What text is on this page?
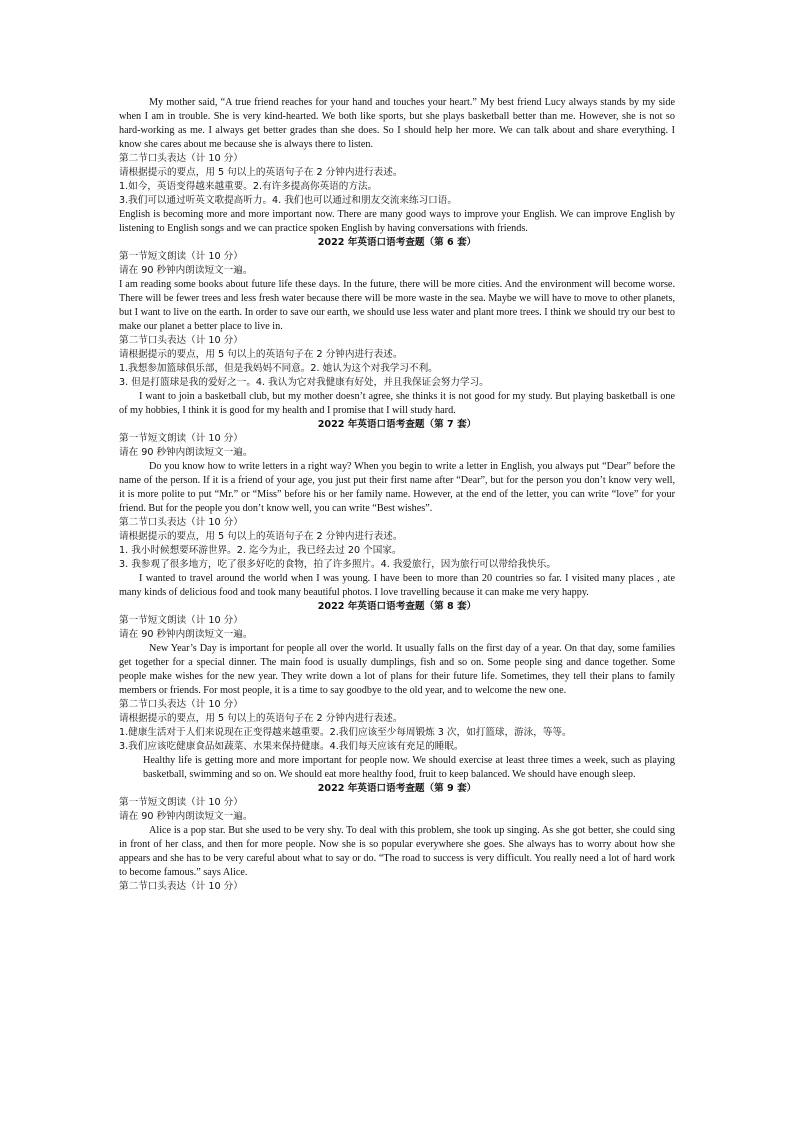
My mother said, “A true friend reaches for your hand and touches your heart.” My best friend Lucy always stands by my side when I am in trouble. She is very kind-hearted. We both like sports, but she plays basketball better than me. However, she is not so hard-working as me. I always get better grades than she does. So I should help her more. We can talk about and share everything. I know she cares about me because she is always there to listen.

第二节口头表达（计 10 分）

请根据提示的要点，用 5 句以上的英语句子在 2 分钟内进行表述。

1.如今，英语变得越来越重要。2.有许多提高你英语的方法。

3.我们可以通过听英文歌提高听力。4. 我们也可以通过和朋友交流来练习口语。

English is becoming more and more important now. There are many good ways to improve your English. We can improve English by listening to English songs and we can practice spoken English by having conversations with friends.

2022 年英语口语考查题（第 6 套）

第一节短文朗读（计 10 分）

请在 90 秒钟内朗读短文一遍。

I am reading some books about future life these days. In the future, there will be more cities. And the environment will become worse. There will be fewer trees and less fresh water because there will be more waste in the sea. Maybe we will have to move to other planets, but I want to live on the earth. In order to save our earth, we should use less water and plant more trees. I think we should try our best to make our planet a better place to live in.

第二节口头表达（计 10 分）

请根据提示的要点，用 5 句以上的英语句子在 2 分钟内进行表述。

1.我想参加篮球俱乐部，但是我妈妈不同意。2. 她认为这个对我学习不利。

3. 但是打篮球是我的爱好之一。4. 我认为它对我健康有好处，并且我保证会努力学习。

I want to join a basketball club, but my mother doesn’t agree, she thinks it is not good for my study. But playing basketball is one of my hobbies, I think it is good for my health and I promise that I will study hard.

2022 年英语口语考查题（第 7 套）

第一节短文朗读（计 10 分）

请在 90 秒钟内朗读短文一遍。

Do you know how to write letters in a right way? When you begin to write a letter in English, you always put “Dear” before the name of the person. If it is a friend of your age, you just put their first name after “Dear”, but for the person you don’t know very well, it is more polite to put “Mr.” or “Miss” before his or her family name. However, at the end of the letter, you can write “love” for your friend. But for the people you don’t know well, you can write “Best wishes”.

第二节口头表达（计 10 分）

请根据提示的要点，用 5 句以上的英语句子在 2 分钟内进行表述。

1. 我小时候想要环游世界。2. 迄今为止，我已经去过 20 个国家。

3. 我参观了很多地方，吃了很多好吃的食物，拍了许多照片。4. 我爱旅行，因为旅行可以带给我快乐。

I wanted to travel around the world when I was young. I have been to more than 20 countries so far. I visited many places , ate many kinds of delicious food and took many beautiful photos. I love travelling because it can make me very happy.

2022 年英语口语考查题（第 8 套）

第一节短文朗读（计 10 分）

请在 90 秒钟内朗读短文一遍。

New Year’s Day is important for people all over the world. It usually falls on the first day of a year. On that day, some families get together for a special dinner. The main food is usually dumplings, fish and so on. Some people sing and dance together. Some people make wishes for the new year. They write down a lot of plans for their future life. Sometimes, they tell their plans to family members or friends. For most people, it is a time to say goodbye to the old year, and to welcome the new one.

第二节口头表达（计 10 分）

请根据提示的要点，用 5 句以上的英语句子在 2 分钟内进行表述。

1.健康生活对于人们来说现在正变得越来越重要。2.我们应该至少每周锻炼 3 次，如打篮球，游泳，等等。

3.我们应该吃健康食品如蔬菜、水果来保持健康。4.我们每天应该有充足的睡眠。

Healthy life is getting more and more important for people now. We should exercise at least three times a week, such as playing basketball, swimming and so on. We should eat more healthy food, fruit to keep balanced. We should have enough sleep.

2022 年英语口语考查题（第 9 套）

第一节短文朗读（计 10 分）

请在 90 秒钟内朗读短文一遍。

Alice is a pop star. But she used to be very shy. To deal with this problem, she took up singing. As she got better, she could sing in front of her class, and then for more people. Now she is so popular everywhere she goes. She always has to worry about how she appears and she has to be very careful about what to say or do. “The road to success is very difficult. You really need a lot of hard work to become famous.” says Alice.

第二节口头表达（计 10 分）
